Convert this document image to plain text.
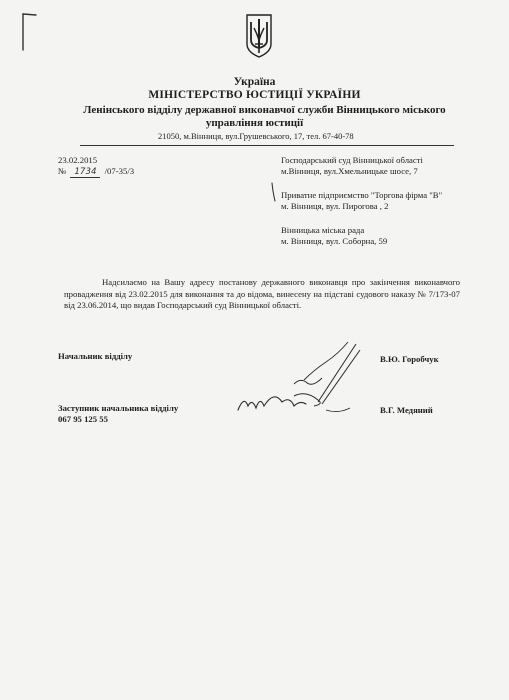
Україна
МІНІСТЕРСТВО ЮСТИЦІЇ УКРАЇНИ
Ленінського відділу державної виконавчої служби Вінницького міського
управління юстиції
21050, м.Вінниця, вул.Грушевського, 17, тел. 67-40-78
23.02.2015
№ 1734 /07-35/3
Господарський суд Вінницької області
м.Вінниця, вул.Хмельницьке шосе, 7
Приватне підприємство "Торгова фірма "В"
м. Вінниця, вул. Пирогова , 2
Вінницька міська рада
м. Вінниця, вул. Соборна, 59

Надсилаємо на Вашу адресу постанову державного виконавця про закінчення виконавчого провадження від 23.02.2015 для виконання та до відома, винесену на підставі судового наказу № 7/173-07 від 23.06.2014, що видав Господарський суд Вінницької області.

Начальник відділу	В.Ю. Горобчук
Заступник начальника відділу
067 95 125 55
В.Г. Медяний
